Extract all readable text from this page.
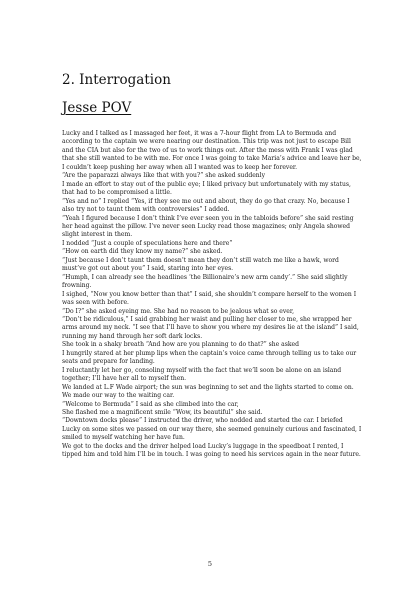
2. Interrogation
Jesse POV

Lucky and I talked as I massaged her feet, it was a 7-hour flight from LA to Bermuda and according to the captain we were nearing our destination. This trip was not just to escape Bill and the CIA but also for the two of us to work things out. After the mess with Frank I was glad that she still wanted to be with me. For once I was going to take Maria’s advice and leave her be, I couldn’t keep pushing her away when all I wanted was to keep her forever.

“Are the paparazzi always like that with you?” she asked suddenly

I made an effort to stay out of the public eye; I liked privacy but unfortunately with my status, that had to be compromised a little.

“Yes and no” I replied “Yes, if they see me out and about, they do go that crazy. No, because I also try not to taunt them with controversies” I added.

“Yeah I figured because I don’t think I’ve ever seen you in the tabloids before” she said resting her head against the pillow. I’ve never seen Lucky read those magazines; only Angela showed slight interest in them.

I nodded “Just a couple of speculations here and there”

“How on earth did they know my name?” she asked.

“Just because I don’t taunt them doesn’t mean they don’t still watch me like a hawk, word must’ve got out about you” I said, staring into her eyes.

“Humph, I can already see the headlines ‘the Billionaire’s new arm candy’.” She said slightly frowning.

I sighed, “Now you know better than that” I said, she shouldn’t compare herself to the women I was seen with before.

“Do I?” she asked eyeing me. She had no reason to be jealous what so ever,

“Don’t be ridiculous,” I said grabbing her waist and pulling her closer to me, she wrapped her arms around my neck. “I see that I’ll have to show you where my desires lie at the island” I said, running my hand through her soft dark locks.

She took in a shaky breath “And how are you planning to do that?” she asked

I hungrily stared at her plump lips when the captain’s voice came through telling us to take our seats and prepare for landing.

I reluctantly let her go, consoling myself with the fact that we’ll soon be alone on an island together; I’ll have her all to myself then.

We landed at L.F Wade airport; the sun was beginning to set and the lights started to come on. We made our way to the waiting car.

“Welcome to Bermuda” I said as she climbed into the car,

She flashed me a magnificent smile “Wow, its beautiful” she said.

“Downtown docks please” I instructed the driver, who nodded and started the car. I briefed Lucky on some sites we passed on our way there, she seemed genuinely curious and fascinated, I smiled to myself watching her have fun.

We got to the docks and the driver helped load Lucky’s luggage in the speedboat I rented, I tipped him and told him I’ll be in touch. I was going to need his services again in the near future.

5
